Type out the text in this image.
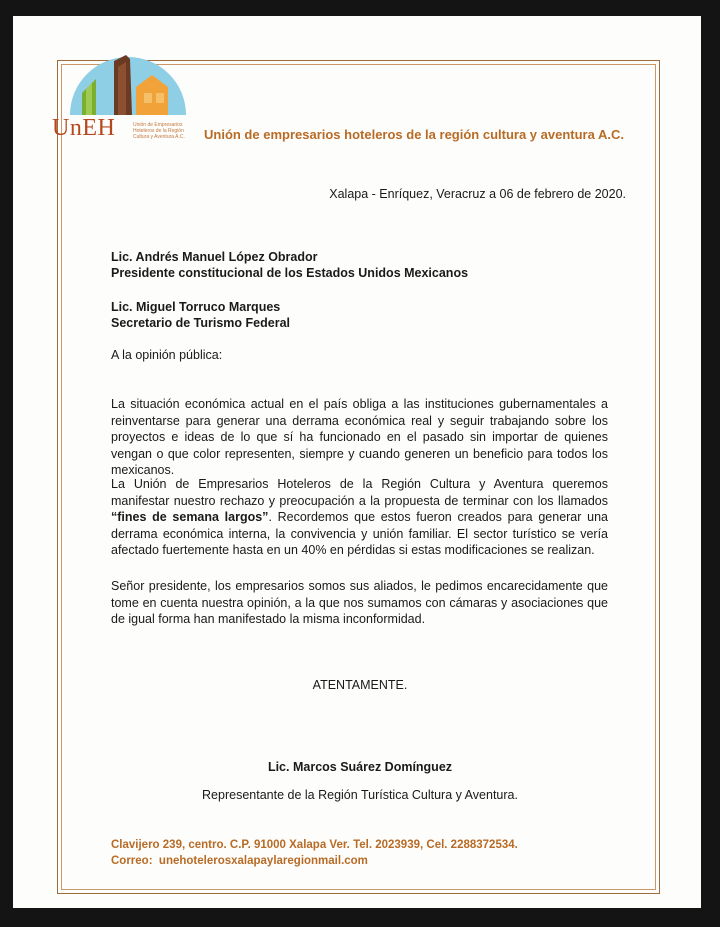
UnEH	Unión de Empresarios Hoteleros de la Región Cultura y Aventura A.C.	Unión de empresarios hoteleros de la región cultura y aventura A.C.
Xalapa - Enríquez, Veracruz a 06 de febrero de 2020.
Lic. Andrés Manuel López Obrador
Presidente constitucional de los Estados Unidos Mexicanos
Lic. Miguel Torruco Marques
Secretario de Turismo Federal
A la opinión pública:
La situación económica actual en el país obliga a las instituciones gubernamentales a reinventarse para generar una derrama económica real y seguir trabajando sobre los proyectos e ideas de lo que sí ha funcionado en el pasado sin importar de quienes vengan o que color representen, siempre y cuando generen un beneficio para todos los mexicanos.
La Unión de Empresarios Hoteleros de la Región Cultura y Aventura queremos manifestar nuestro rechazo y preocupación a la propuesta de terminar con los llamados “fines de semana largos”. Recordemos que estos fueron creados para generar una derrama económica interna, la convivencia y unión familiar. El sector turístico se vería afectado fuertemente hasta en un 40% en pérdidas si estas modificaciones se realizan.
Señor presidente, los empresarios somos sus aliados, le pedimos encarecidamente que tome en cuenta nuestra opinión, a la que nos sumamos con cámaras y asociaciones que de igual forma han manifestado la misma inconformidad.
ATENTAMENTE.
Lic. Marcos Suárez Domínguez
Representante de la Región Turística Cultura y Aventura.
Clavijero 239, centro. C.P. 91000 Xalapa Ver. Tel. 2023939, Cel. 2288372534.
Correo: unehotelerosxalapaylaregionmail.com
